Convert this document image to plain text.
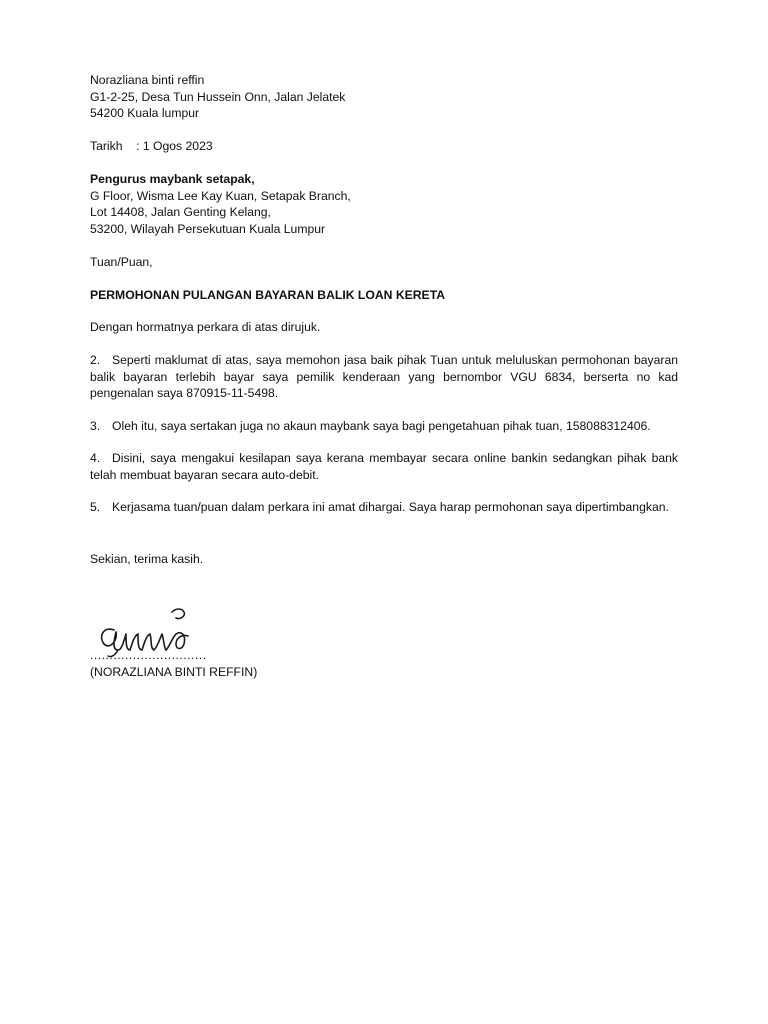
Norazliana binti reffin
G1-2-25, Desa Tun Hussein Onn, Jalan Jelatek
54200 Kuala lumpur
Tarikh : 1 Ogos 2023
Pengurus maybank setapak,
G Floor, Wisma Lee Kay Kuan, Setapak Branch,
Lot 14408, Jalan Genting Kelang,
53200, Wilayah Persekutuan Kuala Lumpur
Tuan/Puan,
PERMOHONAN PULANGAN BAYARAN BALIK LOAN KERETA
Dengan hormatnya perkara di atas dirujuk.
2. Seperti maklumat di atas, saya memohon jasa baik pihak Tuan untuk meluluskan permohonan bayaran balik bayaran terlebih bayar saya pemilik kenderaan yang bernombor VGU 6834, berserta no kad pengenalan saya 870915-11-5498.
3. Oleh itu, saya sertakan juga no akaun maybank saya bagi pengetahuan pihak tuan, 158088312406.
4. Disini, saya mengakui kesilapan saya kerana membayar secara online bankin sedangkan pihak bank telah membuat bayaran secara auto-debit.
5. Kerjasama tuan/puan dalam perkara ini amat dihargai. Saya harap permohonan saya dipertimbangkan.
Sekian, terima kasih.
..............................
(NORAZLIANA BINTI REFFIN)
